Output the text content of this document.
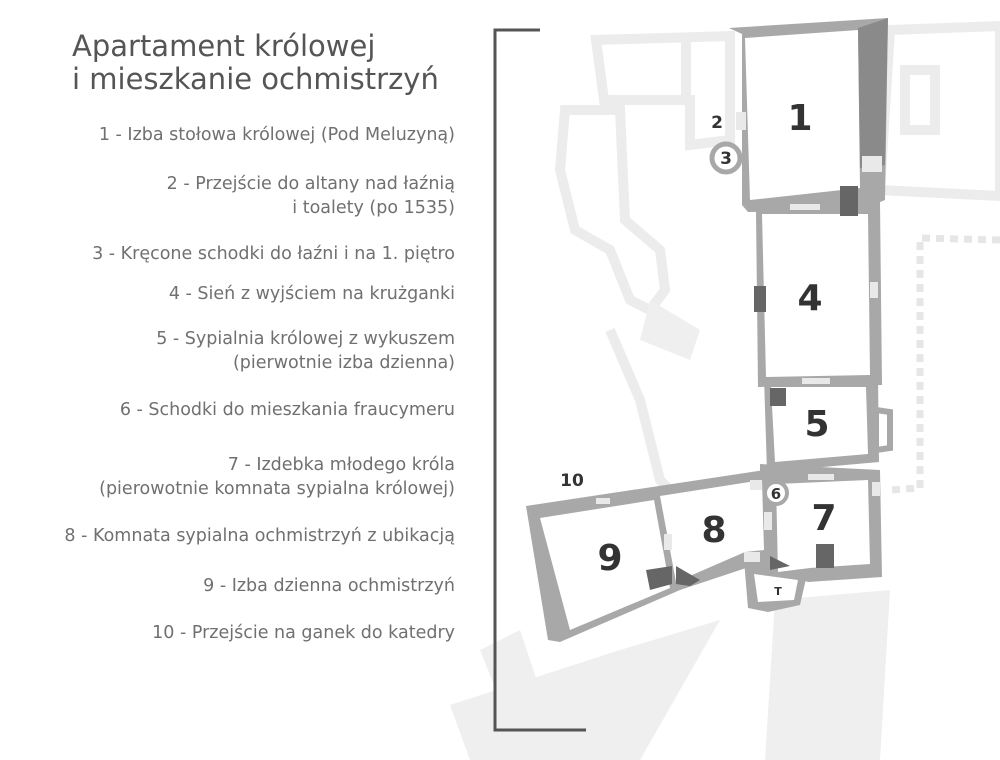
1
4
5
7
8
9
2
3
6
10
T
Apartament królowej
i mieszkanie ochmistrzyń
1 - Izba stołowa królowej (Pod Meluzyną)
2 - Przejście do altany nad łaźnią
i toalety (po 1535)
3 - Kręcone schodki do łaźni i na 1. piętro
4 - Sień z wyjściem na krużganki
5 - Sypialnia królowej z wykuszem
(pierwotnie izba dzienna)
6 - Schodki do mieszkania fraucymeru
7 - Izdebka młodego króla
(pierowotnie komnata sypialna królowej)
8 - Komnata sypialna ochmistrzyń z ubikacją
9 - Izba dzienna ochmistrzyń
10 - Przejście na ganek do katedry
